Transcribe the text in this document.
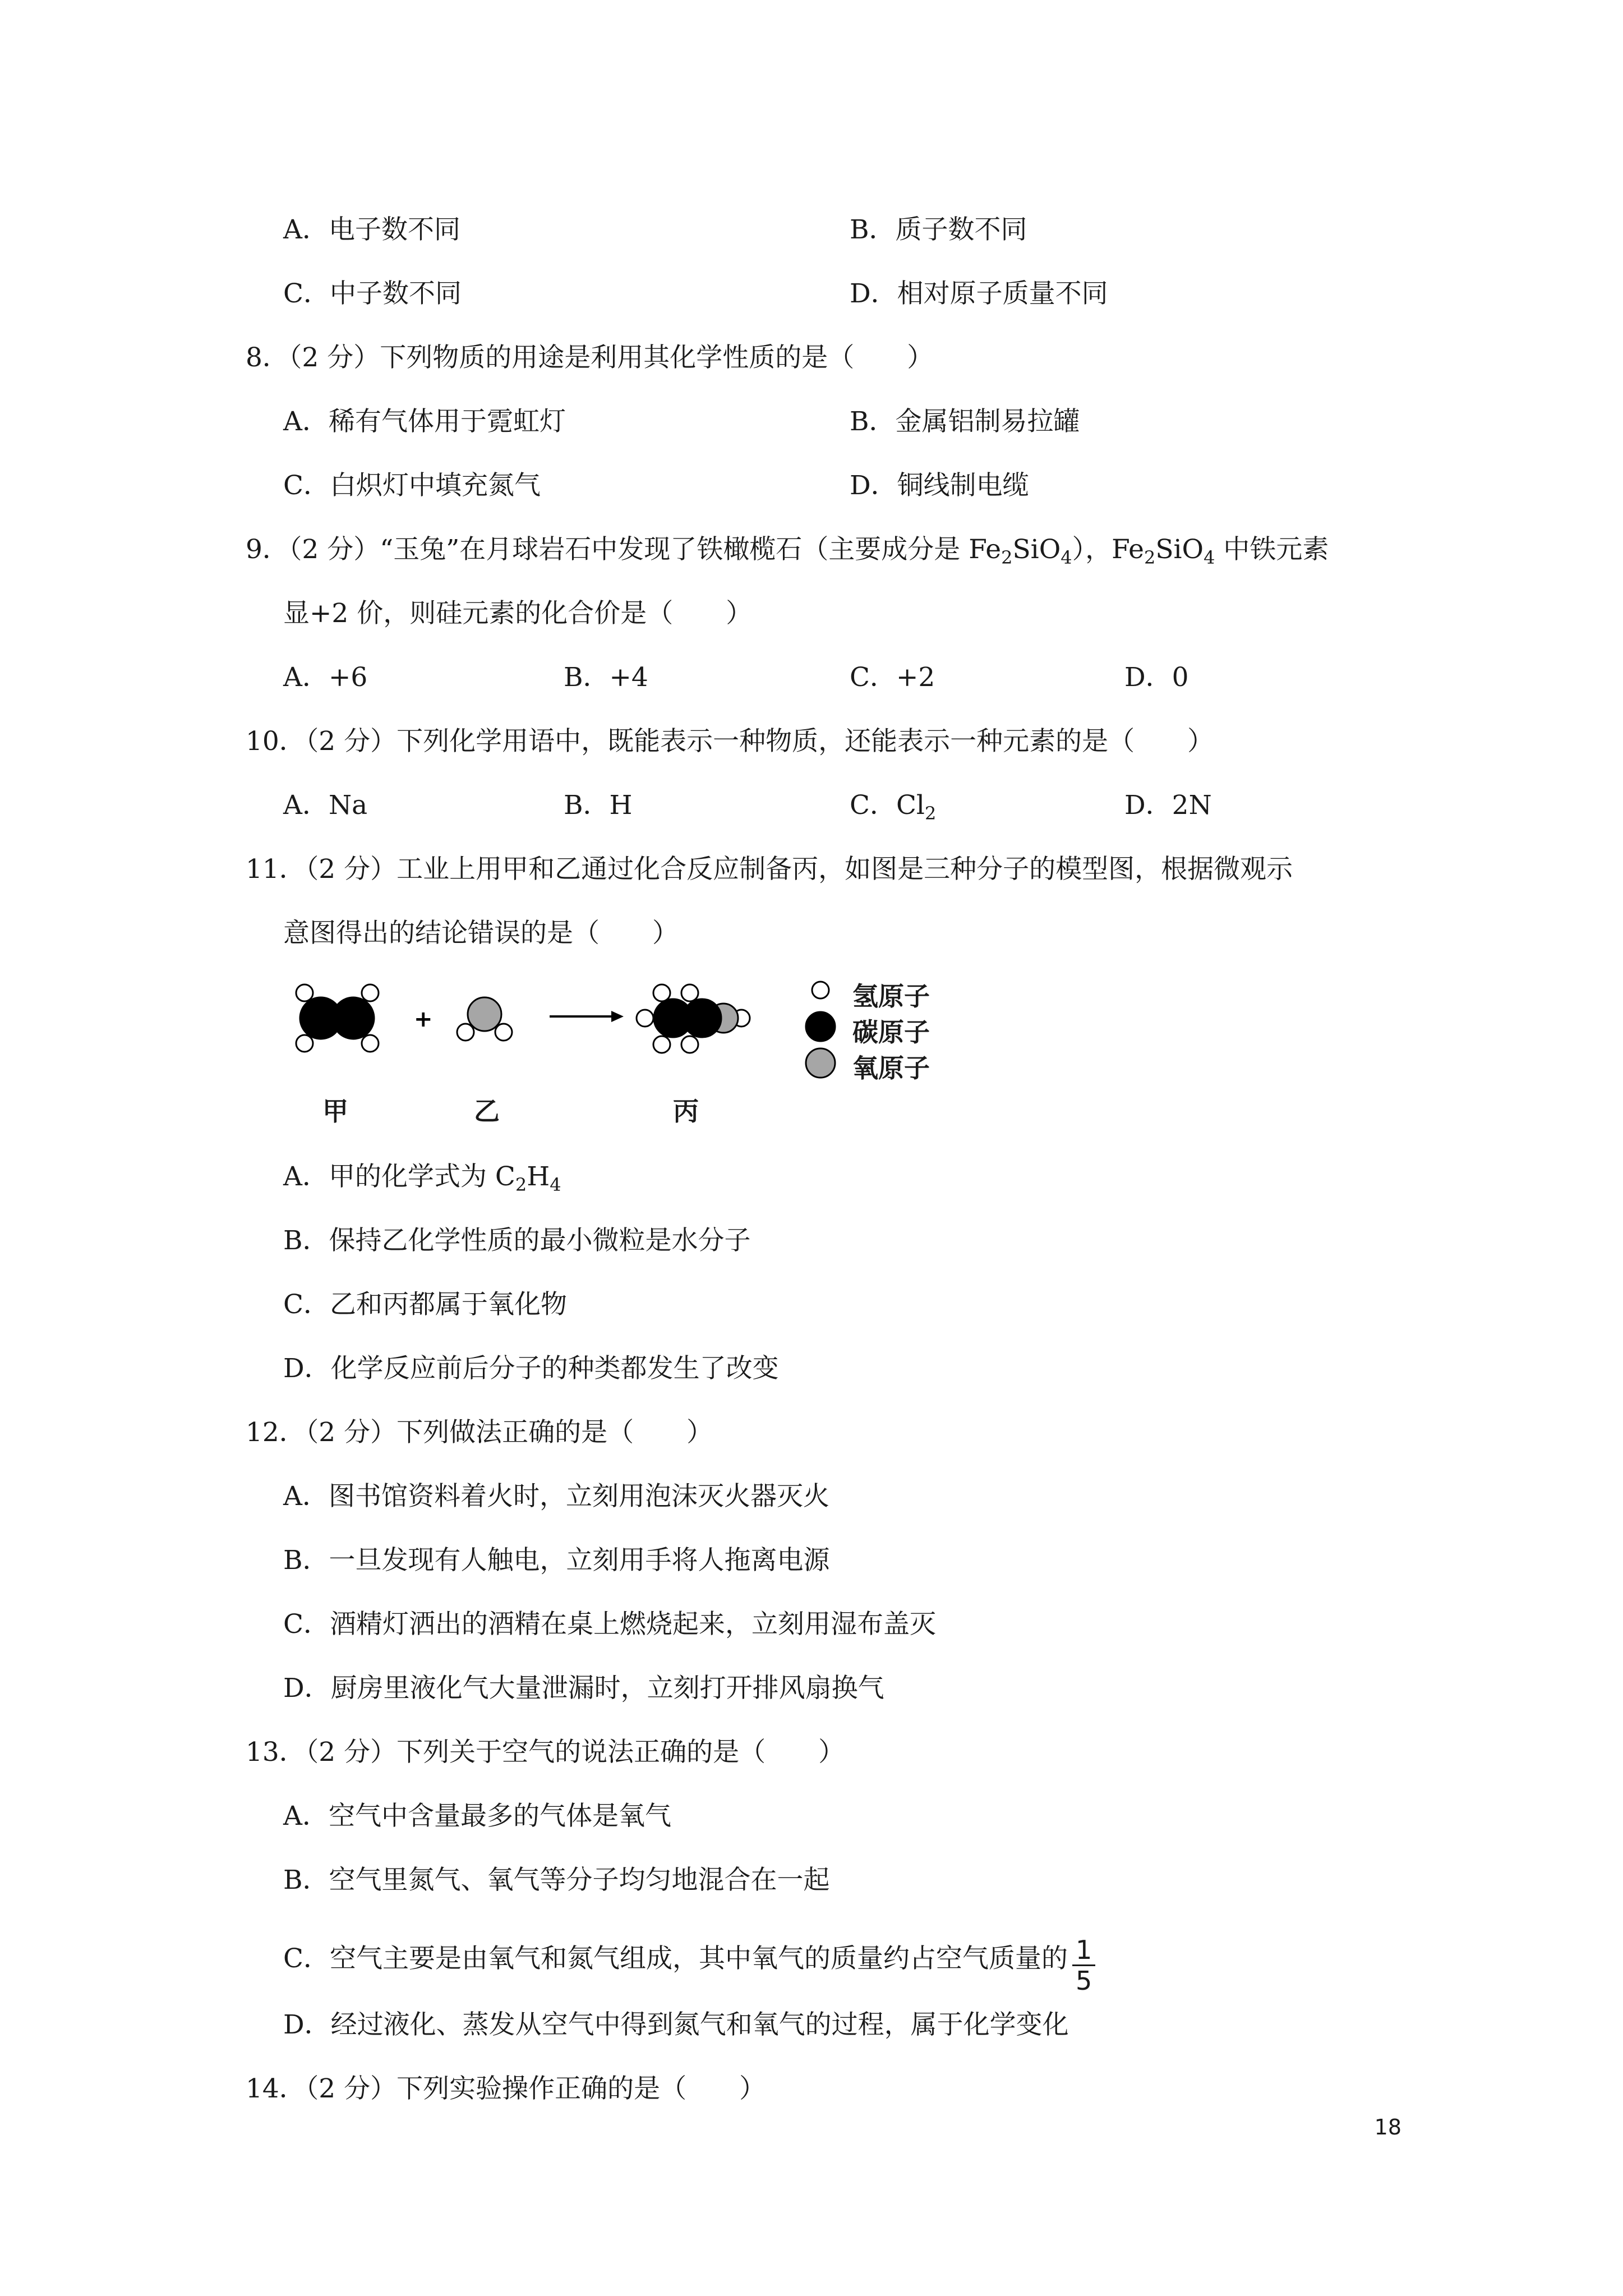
A．电子数不同	B．质子数不同
C．中子数不同	D．相对原子质量不同
8．（2 分）下列物质的用途是利用其化学性质的是（　　）
A．稀有气体用于霓虹灯	B．金属铝制易拉罐
C．白炽灯中填充氮气	D．铜线制电缆
9．（2 分）“玉兔”在月球岩石中发现了铁橄榄石（主要成分是 $Fe_2SiO_4$），$Fe_2SiO_4$ 中铁元素
显+2 价，则硅元素的化合价是（　　）
A．+6	B．+4	C．+2	D．0
10．（2 分）下列化学用语中，既能表示一种物质，还能表示一种元素的是（　　）
A．Na	B．H	C．$Cl_2$	D．2N
11．（2 分）工业上用甲和乙通过化合反应制备丙，如图是三种分子的模型图，根据微观示
意图得出的结论错误的是（　　）
+
氢原子
碳原子
氧原子
甲	乙	丙
A．甲的化学式为 $C_2H_4$
B．保持乙化学性质的最小微粒是水分子
C．乙和丙都属于氧化物
D．化学反应前后分子的种类都发生了改变
12．（2 分）下列做法正确的是（　　）
A．图书馆资料着火时，立刻用泡沫灭火器灭火
B．一旦发现有人触电，立刻用手将人拖离电源
C．酒精灯洒出的酒精在桌上燃烧起来，立刻用湿布盖灭
D．厨房里液化气大量泄漏时，立刻打开排风扇换气
13．（2 分）下列关于空气的说法正确的是（　　）
A．空气中含量最多的气体是氧气
B．空气里氮气、氧气等分子均匀地混合在一起
C．空气主要是由氧气和氮气组成，其中氧气的质量约占空气质量的 $\frac{1}{5}$
D．经过液化、蒸发从空气中得到氮气和氧气的过程，属于化学变化
14．（2 分）下列实验操作正确的是（　　）
18
